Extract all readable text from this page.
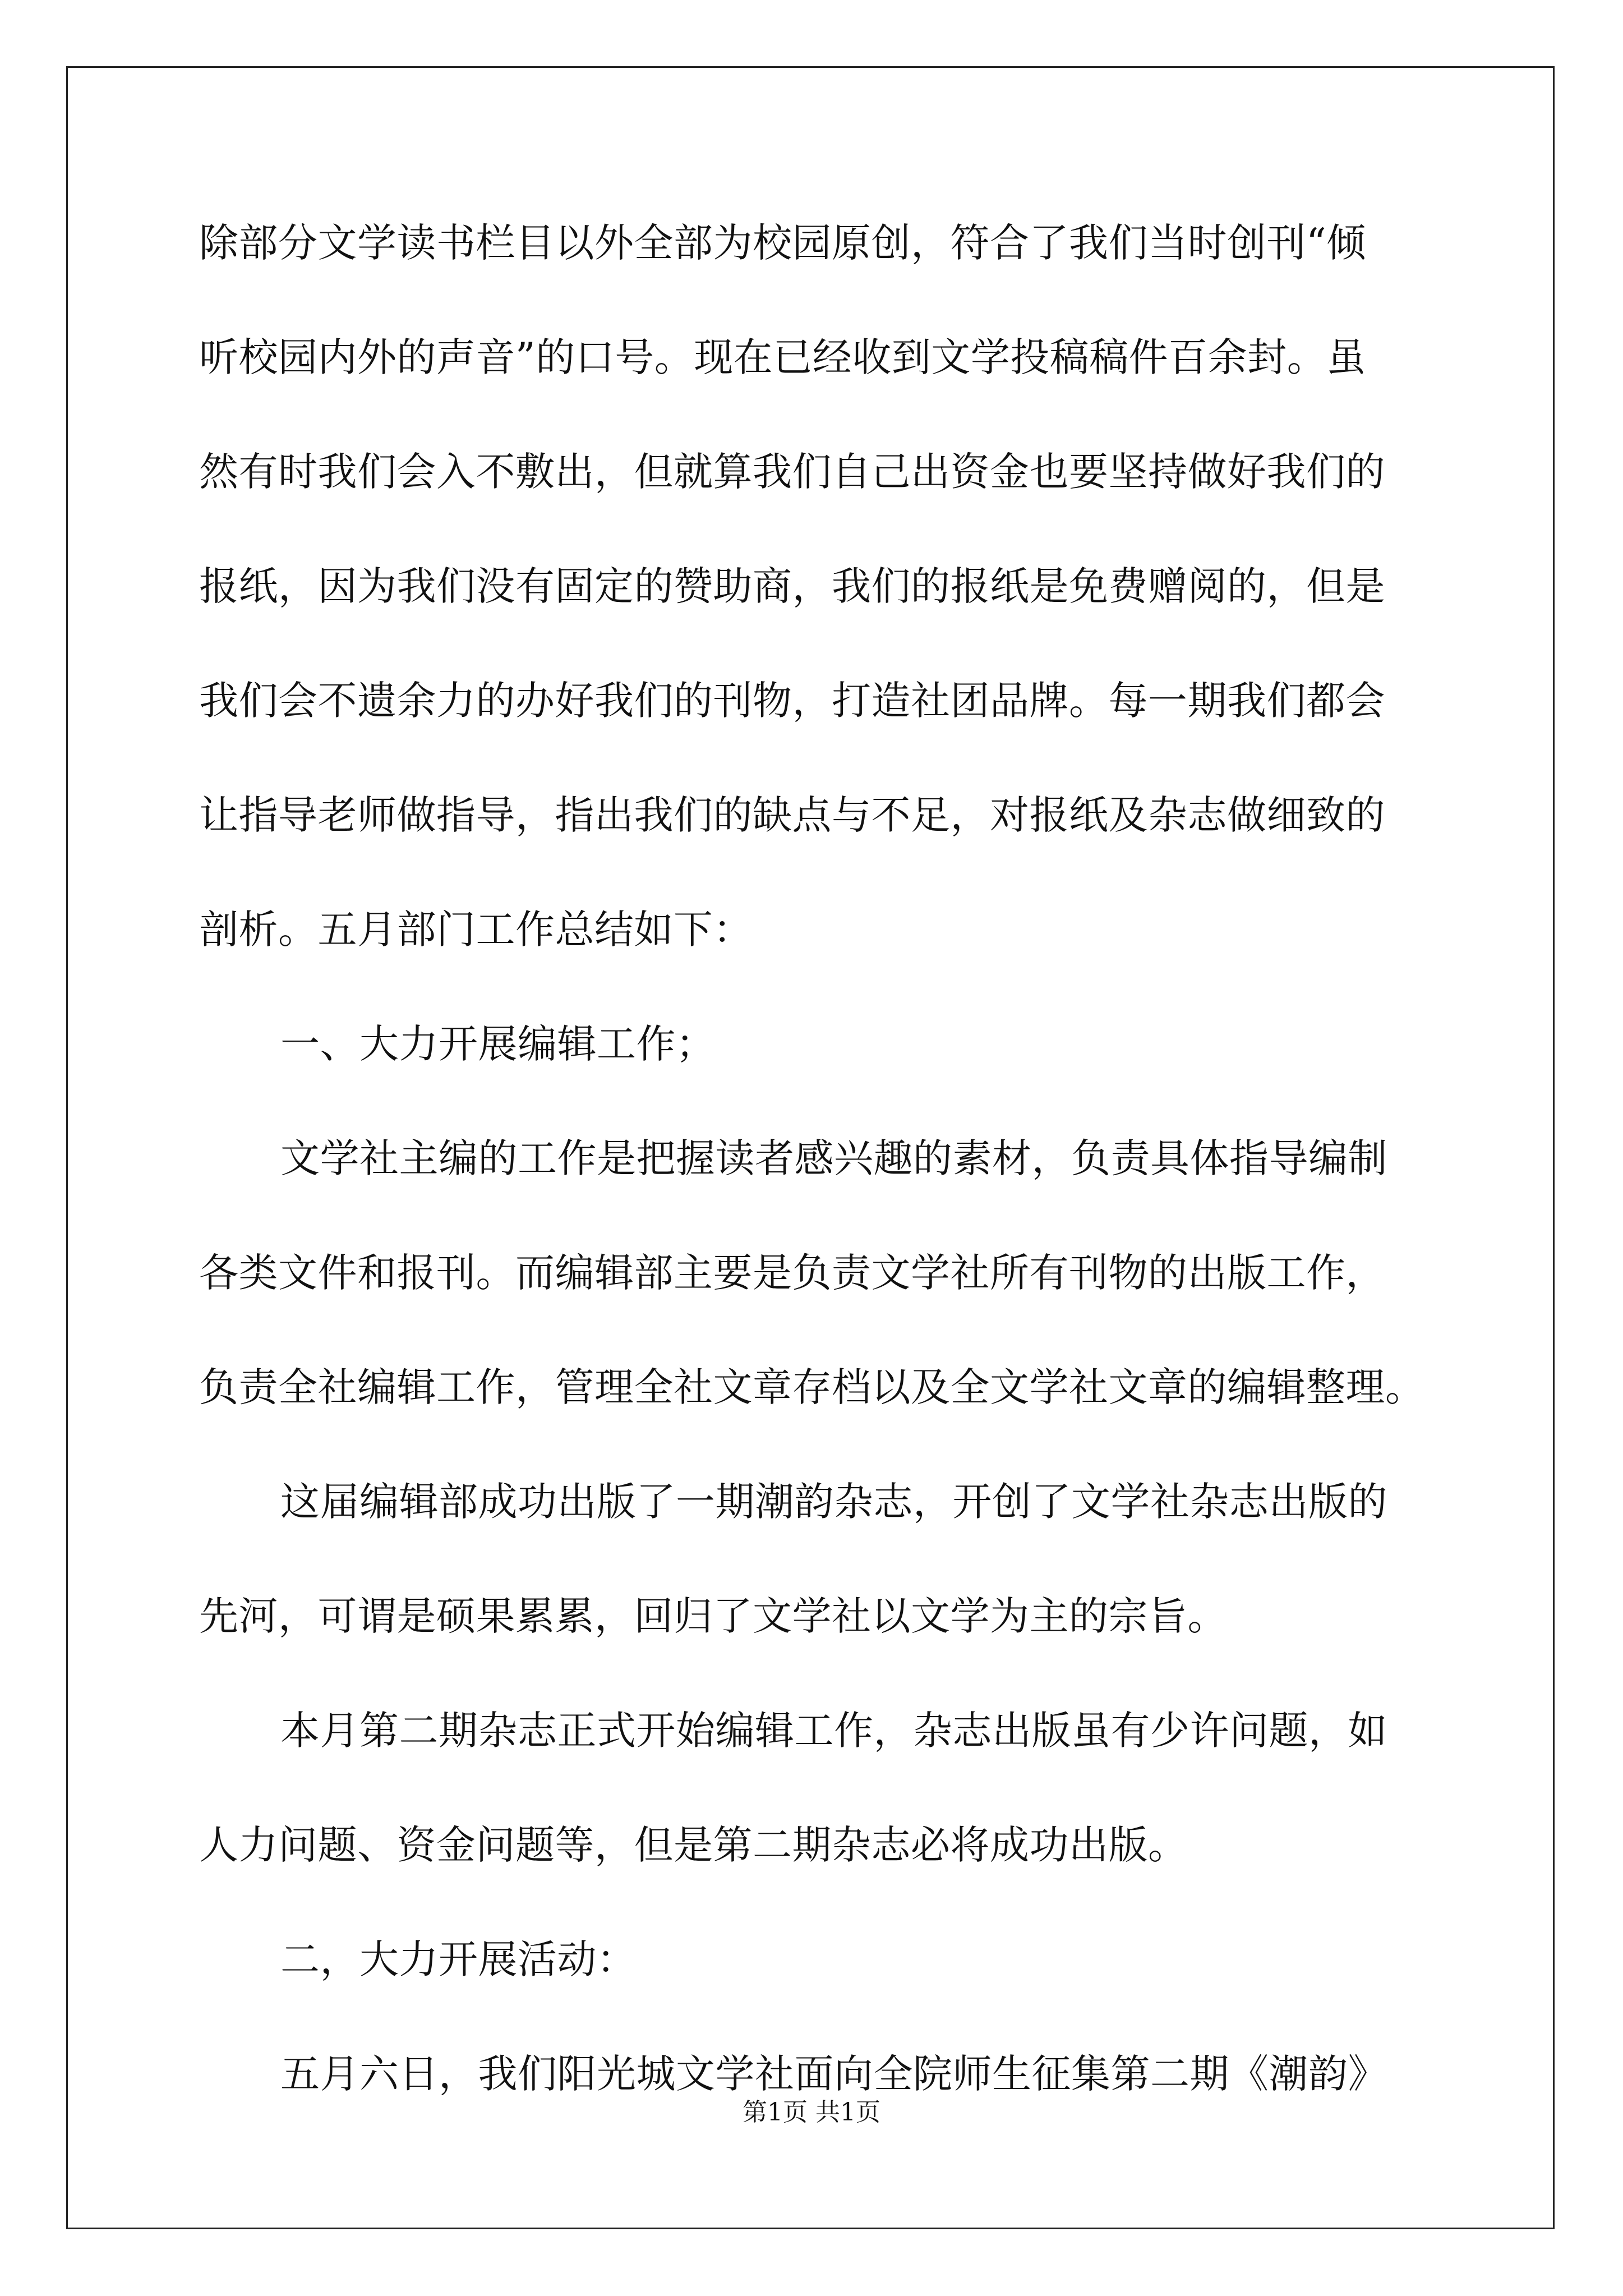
除部分文学读书栏目以外全部为校园原创，符合了我们当时创刊“倾
听校园内外的声音”的口号。现在已经收到文学投稿稿件百余封。虽
然有时我们会入不敷出，但就算我们自己出资金也要坚持做好我们的
报纸，因为我们没有固定的赞助商，我们的报纸是免费赠阅的，但是
我们会不遗余力的办好我们的刊物，打造社团品牌。每一期我们都会
让指导老师做指导，指出我们的缺点与不足，对报纸及杂志做细致的
剖析。五月部门工作总结如下：
一、大力开展编辑工作；
文学社主编的工作是把握读者感兴趣的素材，负责具体指导编制
各类文件和报刊。而编辑部主要是负责文学社所有刊物的出版工作，
负责全社编辑工作，管理全社文章存档以及全文学社文章的编辑整理。
这届编辑部成功出版了一期潮韵杂志，开创了文学社杂志出版的
先河，可谓是硕果累累，回归了文学社以文学为主的宗旨。
本月第二期杂志正式开始编辑工作，杂志出版虽有少许问题，如
人力问题、资金问题等，但是第二期杂志必将成功出版。
二，大力开展活动：
五月六日，我们阳光城文学社面向全院师生征集第二期《潮韵》
第1页 共1页
